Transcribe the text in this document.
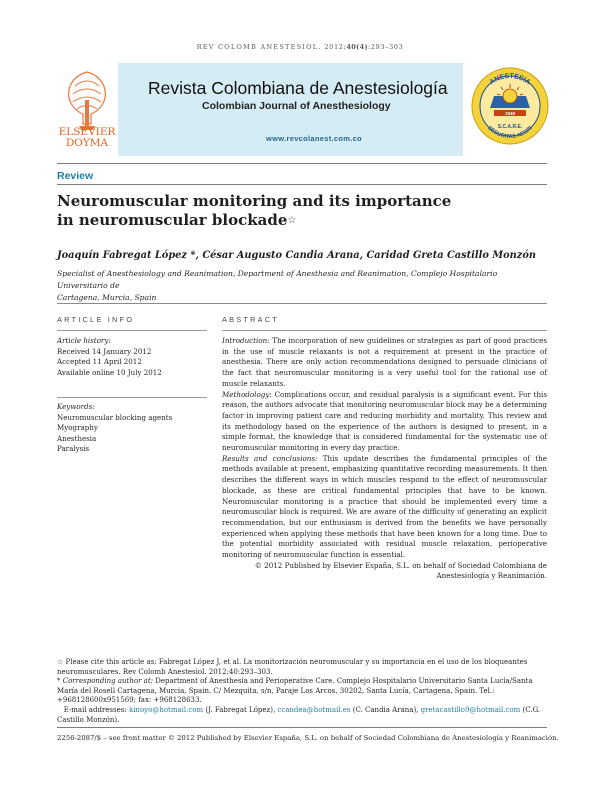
REV COLOMB ANESTESIOL. 2012;40(4):293–303
ELSEVIER
DOYMA
Revista Colombiana de Anestesiología
Colombian Journal of Anesthesiology
www.revcolanest.com.co
ANESTESIA
SECURITAS AEGRI
1949
S.C.A.R.E.
Review
Neuromuscular monitoring and its importance
in neuromuscular blockade☆
Joaquín Fabregat López *, César Augusto Candia Arana, Caridad Greta Castillo Monzón
Specialist of Anesthesiology and Reanimation, Department of Anesthesia and Reanimation, Complejo Hospitalario Universitario de
Cartagena, Murcia, Spain
ARTICLE INFO	ABSTRACT
Article history:
Received 14 January 2012
Accepted 11 April 2012
Available online 10 July 2012
Keywords:
Neuromuscular blocking agents
Myography
Anesthesia
Paralysis

Introduction: The incorporation of new guidelines or strategies as part of good practices in the use of muscle relaxants is not a requirement at present in the practice of anesthesia. There are only action recommendations designed to persuade clinicians of the fact that neuromuscular monitoring is a very useful tool for the rational use of muscle relaxants.

Methodology: Complications occur, and residual paralysis is a significant event. For this reason, the authors advocate that monitoring neuromuscular block may be a determining factor in improving patient care and reducing morbidity and mortality. This review and its methodology based on the experience of the authors is designed to present, in a simple format, the knowledge that is considered fundamental for the systematic use of neuromuscular monitoring in every day practice.

Results and conclusions: This update describes the fundamental principles of the methods available at present, emphasizing quantitative recording measurements. It then describes the different ways in which muscles respond to the effect of neuromuscular blockade, as these are critical fundamental principles that have to be known. Neuromuscular monitoring is a practice that should be implemented every time a neuromuscular block is required. We are aware of the difficulty of generating an explicit recommendation, but our enthusiasm is derived from the benefits we have personally experienced when applying these methods that have been known for a long time. Due to the potential morbidity associated with residual muscle relaxation, perioperative monitoring of neuromuscular function is essential.

© 2012 Published by Elsevier España, S.L. on behalf of Sociedad Colombiana de
Anestesiología y Reanimación.

☆ Please cite this article as: Fabregat López J, et al. La monitorización neuromuscular y su importancia en el uso de los bloqueantes neuromusculares. Rev Colomb Anestesiol. 2012;40:293–303.

* Corresponding author at: Department of Anesthesia and Perioperative Care. Complejo Hospitalario Universitario Santa Lucía/Santa María del Rosell Cartagena, Murcia, Spain. C/ Mezquita, s/n, Paraje Los Arcos, 30202, Santa Lucía, Cartagena, Spain. Tel.: +968128600x951569; fax: +968128633.

E-mail addresses: kinoyo@hotmail.com (J. Fabregat López), ccandea@hotmail.es (C. Candia Arana), gretacastillo9@hotmail.com (C.G. Castillo Monzón).

2256-2087/$ – see front matter © 2012 Published by Elsevier España, S.L. on behalf of Sociedad Colombiana de Anestesiología y Reanimación.
